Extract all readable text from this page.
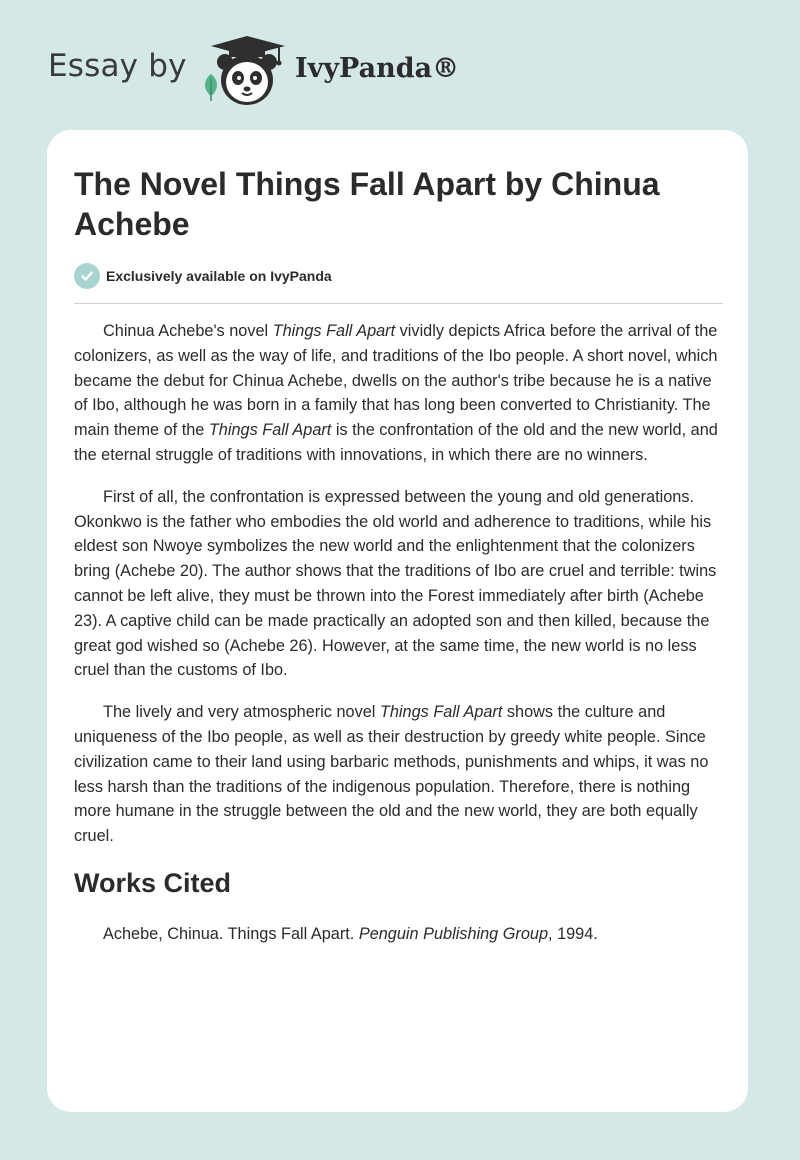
Essay by	IvyPanda®
The Novel Things Fall Apart by Chinua Achebe
Exclusively available on IvyPanda

Chinua Achebe's novel Things Fall Apart vividly depicts Africa before the arrival of the colonizers, as well as the way of life, and traditions of the Ibo people. A short novel, which became the debut for Chinua Achebe, dwells on the author's tribe because he is a native of Ibo, although he was born in a family that has long been converted to Christianity. The main theme of the Things Fall Apart is the confrontation of the old and the new world, and the eternal struggle of traditions with innovations, in which there are no winners.

First of all, the confrontation is expressed between the young and old generations. Okonkwo is the father who embodies the old world and adherence to traditions, while his eldest son Nwoye symbolizes the new world and the enlightenment that the colonizers bring (Achebe 20). The author shows that the traditions of Ibo are cruel and terrible: twins cannot be left alive, they must be thrown into the Forest immediately after birth (Achebe 23). A captive child can be made practically an adopted son and then killed, because the great god wished so (Achebe 26). However, at the same time, the new world is no less cruel than the customs of Ibo.

The lively and very atmospheric novel Things Fall Apart shows the culture and uniqueness of the Ibo people, as well as their destruction by greedy white people. Since civilization came to their land using barbaric methods, punishments and whips, it was no less harsh than the traditions of the indigenous population. Therefore, there is nothing more humane in the struggle between the old and the new world, they are both equally cruel.

Works Cited

Achebe, Chinua. Things Fall Apart. Penguin Publishing Group, 1994.
